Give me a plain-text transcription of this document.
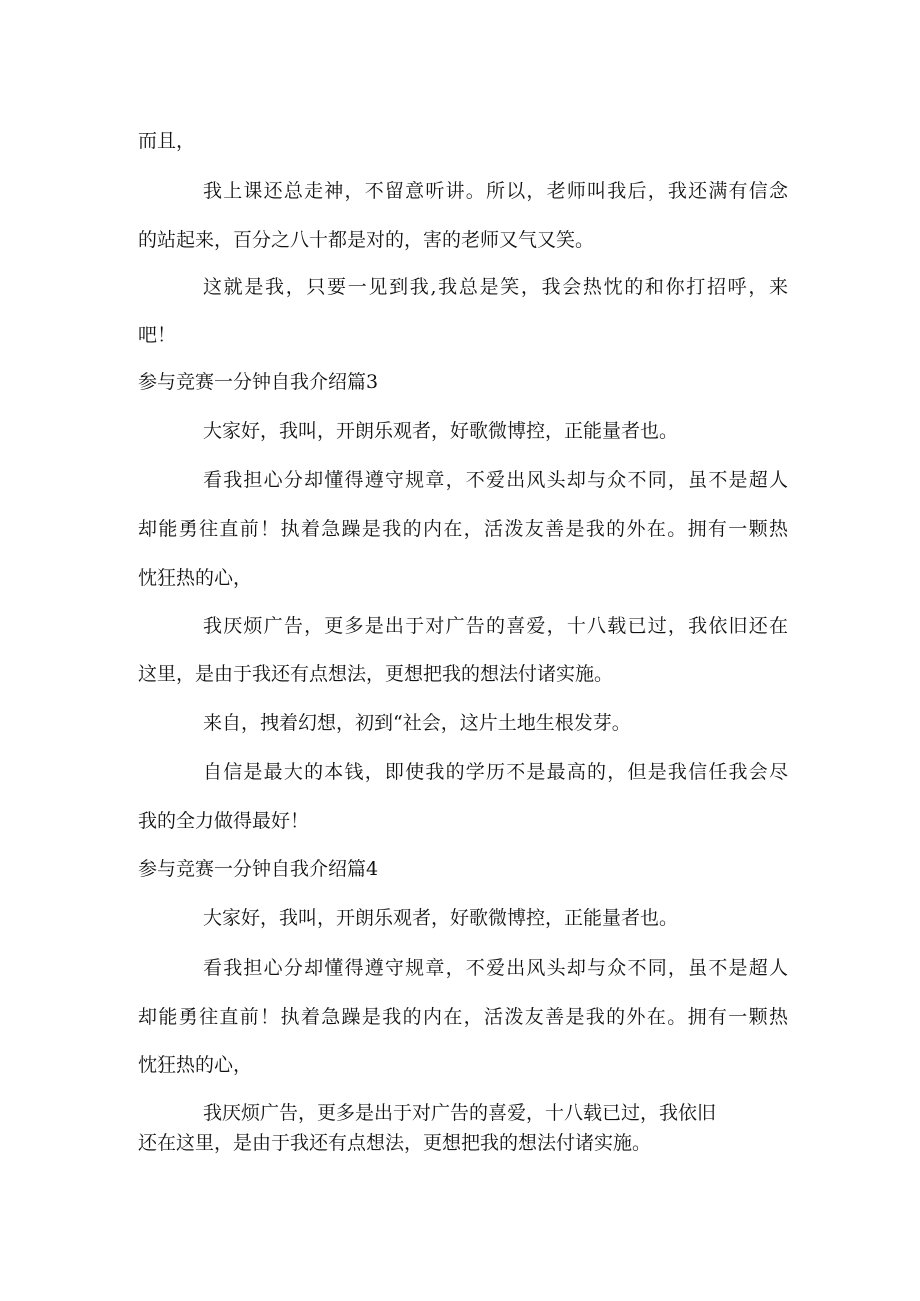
而且，
我上课还总走神，不留意听讲。所以，老师叫我后，我还满有信念
的站起来，百分之八十都是对的，害的老师又气又笑。
这就是我，只要一见到我,我总是笑，我会热忱的和你打招呼，来
吧！
参与竞赛一分钟自我介绍篇3
大家好，我叫，开朗乐观者，好歌微博控，正能量者也。
看我担心分却懂得遵守规章，不爱出风头却与众不同，虽不是超人
却能勇往直前！执着急躁是我的内在，活泼友善是我的外在。拥有一颗热
忱狂热的心，
我厌烦广告，更多是出于对广告的喜爱，十八载已过，我依旧还在
这里，是由于我还有点想法，更想把我的想法付诸实施。
来自，拽着幻想，初到“社会，这片土地生根发芽。
自信是最大的本钱，即使我的学历不是最高的，但是我信任我会尽
我的全力做得最好！
参与竞赛一分钟自我介绍篇4
大家好，我叫，开朗乐观者，好歌微博控，正能量者也。
看我担心分却懂得遵守规章，不爱出风头却与众不同，虽不是超人
却能勇往直前！执着急躁是我的内在，活泼友善是我的外在。拥有一颗热
忱狂热的心，
我厌烦广告，更多是出于对广告的喜爱，十八载已过，我依旧
还在这里，是由于我还有点想法，更想把我的想法付诸实施。
